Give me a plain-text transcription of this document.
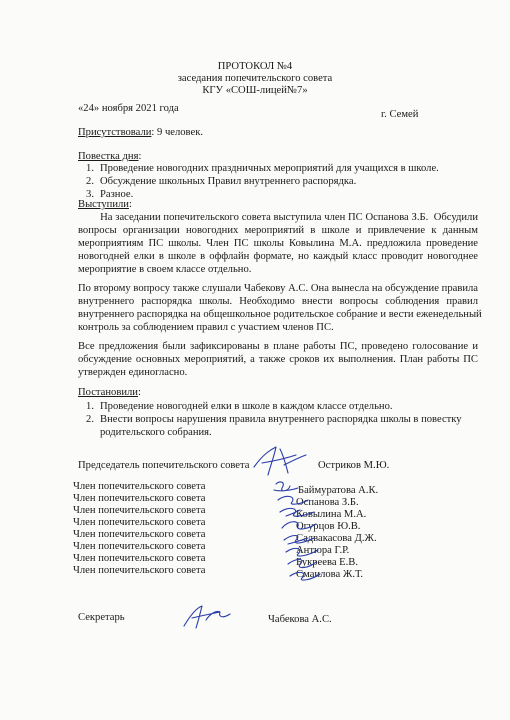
ПРОТОКОЛ №4
заседания попечительского совета
КГУ «СОШ-лицей№7»
«24» ноября 2021 года
г. Семей
Присутствовали: 9 человек.
Повестка дня:
1. Проведение новогодних праздничных мероприятий для учащихся в школе.
2. Обсуждение школьных Правил внутреннего распорядка.
3. Разное.
Выступили:
На заседании попечительского совета выступила член ПС Оспанова З.Б.  Обсудили
вопросы организации новогодних мероприятий в школе и привлечение к данным
мероприятиям ПС школы. Член ПС школы Ковылина М.А. предложила проведение
новогодней елки в школе в оффлайн формате, но каждый класс проводит новогоднее
мероприятие в своем классе отдельно.
По второму вопросу также слушали Чабекову А.С. Она вынесла на обсуждение правила
внутреннего распорядка школы. Необходимо внести вопросы соблюдения правил
внутреннего распорядка на общешкольное родительское собрание и вести еженедельный
контроль за соблюдением правил с участием членов ПС.
Все предложения были зафиксированы в плане работы ПС, проведено голосование и
обсуждение основных мероприятий, а также сроков их выполнения. План работы ПС
утвержден единогласно.
Постановили:
1. Проведение новогодней елки в школе в каждом классе отдельно.
2. Внести вопросы нарушения правила внутреннего распорядка школы в повестку
родительского собрания.
Председатель попечительского совета	Остриков М.Ю.
Член попечительского совета	Баймуратова А.К.
Член попечительского совета	Оспанова З.Б.
Член попечительского совета	Ковылина М.А.
Член попечительского совета	Огурцов Ю.В.
Член попечительского совета	Садвакасова Д.Ж.
Член попечительского совета	Антюра Г.Р.
Член попечительского совета	Букреева Е.В.
Член попечительского совета	Смаилова Ж.Т.
Секретарь	Чабекова А.С.
